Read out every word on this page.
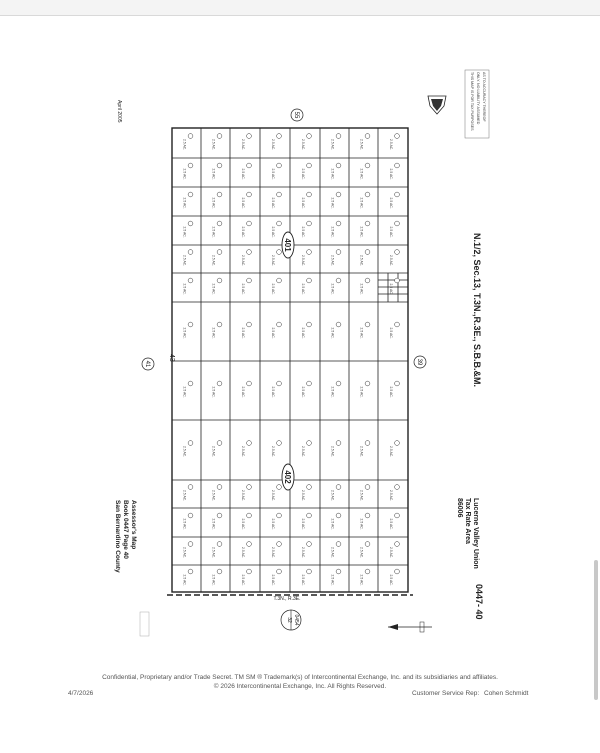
2.5 AC.
2.5 AC.
2.5 AC.
2.5 AC.
2.5 AC.
2.5 AC.
2.5 AC.
2.5 AC.
2.5 AC.
2.5 AC.
2.5 AC.
2.5 AC.
2.5 AC.
2.5 AC.
2.5 AC.
2.5 AC.
2.5 AC.
2.5 AC.
2.5 AC.
2.5 AC.
2.5 AC.
2.5 AC.
2.5 AC.
2.5 AC.
2.5 AC.
2.5 AC.
2.5 AC.
2.5 AC.
2.5 AC.
2.5 AC.
2.5 AC.
2.5 AC.
2.5 AC.
2.5 AC.
2.5 AC.
2.5 AC.
2.5 AC.
2.5 AC.
2.5 AC.
2.5 AC.
2.5 AC.
2.5 AC.
2.5 AC.
2.5 AC.
2.5 AC.
2.5 AC.
2.5 AC.
2.5 AC.
2.5 AC.
2.5 AC.
2.5 AC.
2.5 AC.
2.5 AC.
2.5 AC.
2.5 AC.
2.5 AC.
2.5 AC.
2.5 AC.
2.5 AC.
2.5 AC.
2.5 AC.
2.5 AC.
2.5 AC.
2.5 AC.
2.5 AC.
2.5 AC.
2.5 AC.
2.5 AC.
2.5 AC.
2.5 AC.
2.5 AC.
2.5 AC.
2.5 AC.
2.5 AC.
2.5 AC.
2.5 AC.
2.5 AC.
2.5 AC.
2.5 AC.
2.5 AC.
2.5 AC.
2.5 AC.
2.5 AC.
2.5 AC.
2.5 AC.
2.5 AC.
2.5 AC.
2.5 AC.
2.5 AC.
2.5 AC.
2.5 AC.
2.5 AC.
2.5 AC.
2.5 AC.
2.5 AC.
2.5 AC.
2.5 AC.
2.5 AC.
2.5 AC.
2.5 AC.
2.5 AC.
2.5 AC.
2.5 AC.
2.5 AC.
April 2005	THIS MAP IS FOR TAX PURPOSES ONLY. NO LIABILITY ASSUMED AS TO ACCURACY THEREOF
N.1/2, Sec.13, T.3N.,R.3E., S.B.B.&M.
Lucerne Valley Union
Tax Rate Area
86006
0447- 40
Assessor's Map
Book 0447 Page 40
San Bernardino County
55
41	39
43
401
402
0454
32
T.3N., R.3E.
Confidential, Proprietary and/or Trade Secret. TM SM ® Trademark(s) of Intercontinental Exchange, Inc. and its subsidiaries and affiliates.
© 2026 Intercontinental Exchange, Inc. All Rights Reserved.
4/7/2026	Customer Service Rep: Cohen Schmidt
